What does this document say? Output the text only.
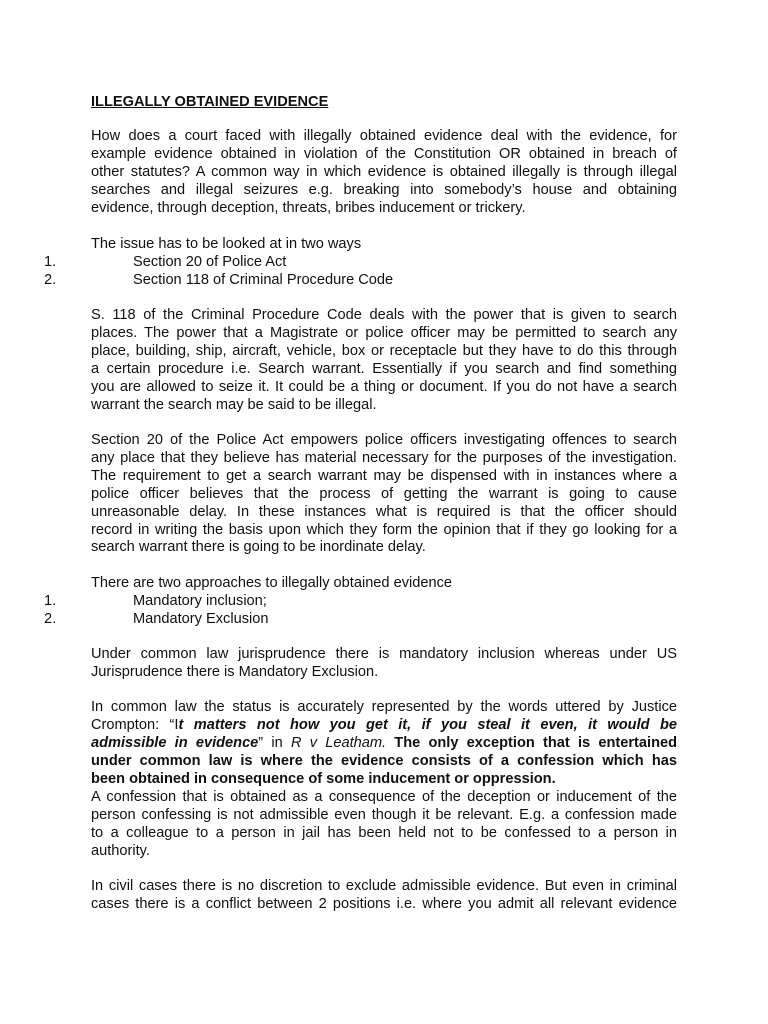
ILLEGALLY OBTAINED EVIDENCE

How does a court faced with illegally obtained evidence deal with the evidence, for
example evidence obtained in violation of the Constitution OR obtained in breach of
other statutes? A common way in which evidence is obtained illegally is through illegal
searches and illegal seizures e.g. breaking into somebody’s house and obtaining
evidence, through deception, threats, bribes inducement or trickery.
The issue has to be looked at in two ways
1.	Section 20 of Police Act
2.	Section 118 of Criminal Procedure Code
S. 118 of the Criminal Procedure Code deals with the power that is given to search
places. The power that a Magistrate or police officer may be permitted to search any
place, building, ship, aircraft, vehicle, box or receptacle but they have to do this through
a certain procedure i.e. Search warrant. Essentially if you search and find something
you are allowed to seize it. It could be a thing or document. If you do not have a search
warrant the search may be said to be illegal.
Section 20 of the Police Act empowers police officers investigating offences to search
any place that they believe has material necessary for the purposes of the investigation.
The requirement to get a search warrant may be dispensed with in instances where a
police officer believes that the process of getting the warrant is going to cause
unreasonable delay. In these instances what is required is that the officer should
record in writing the basis upon which they form the opinion that if they go looking for a
search warrant there is going to be inordinate delay.
There are two approaches to illegally obtained evidence
1.	Mandatory inclusion;
2.	Mandatory Exclusion
Under common law jurisprudence there is mandatory inclusion whereas under US
Jurisprudence there is Mandatory Exclusion.
In common law the status is accurately represented by the words uttered by Justice
Crompton: “It matters not how you get it, if you steal it even, it would be
admissible in evidence” in R v Leatham. The only exception that is entertained
under common law is where the evidence consists of a confession which has
been obtained in consequence of some inducement or oppression.
A confession that is obtained as a consequence of the deception or inducement of the
person confessing is not admissible even though it be relevant. E.g. a confession made
to a colleague to a person in jail has been held not to be confessed to a person in
authority.
In civil cases there is no discretion to exclude admissible evidence. But even in criminal
cases there is a conflict between 2 positions i.e. where you admit all relevant evidence
